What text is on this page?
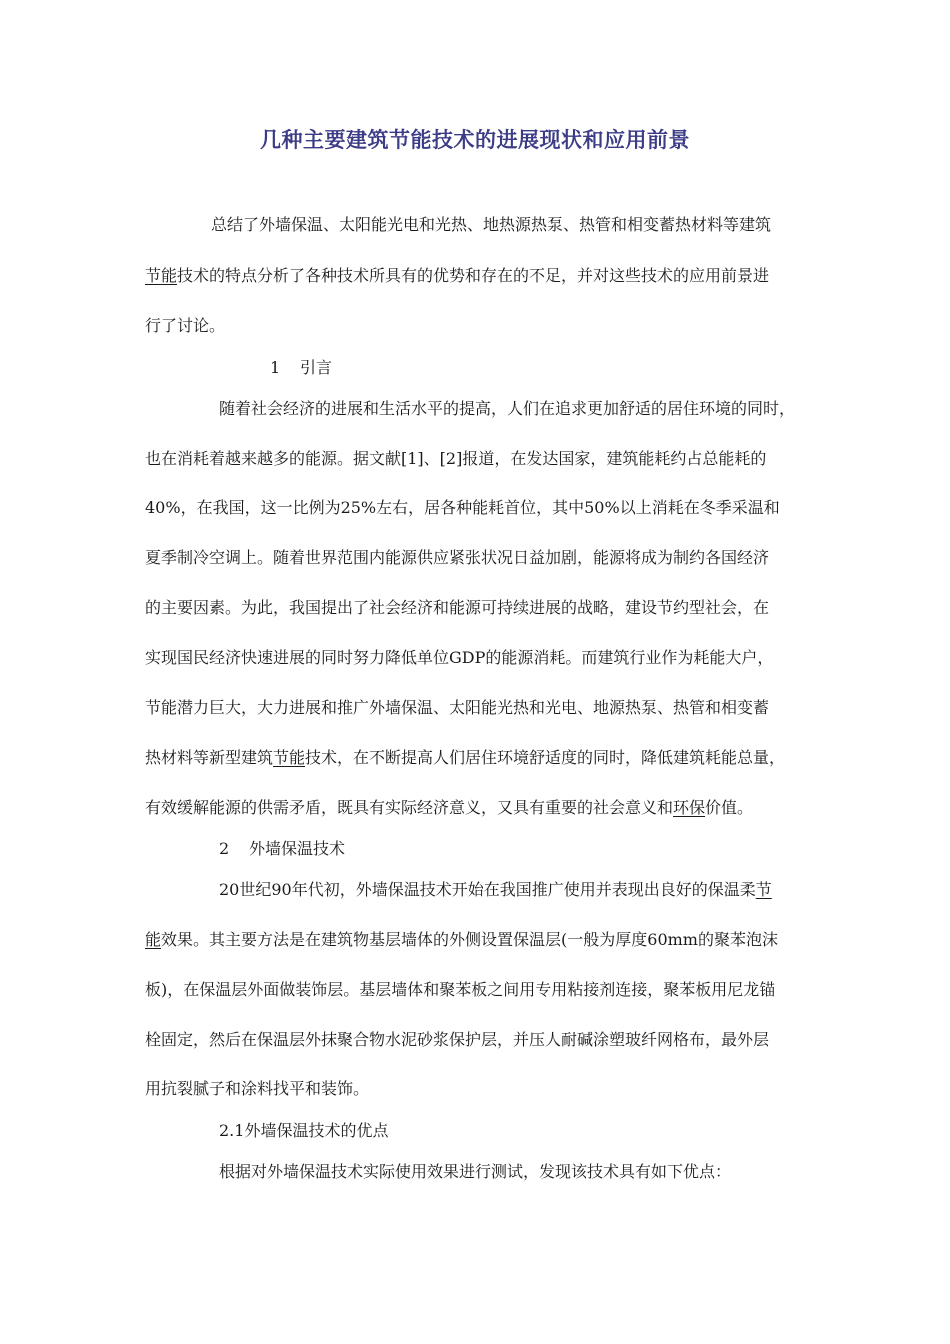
几种主要建筑节能技术的进展现状和应用前景
总结了外墙保温、太阳能光电和光热、地热源热泵、热管和相变蓄热材料等建筑
节能技术的特点分析了各种技术所具有的优势和存在的不足，并对这些技术的应用前景进
行了讨论。
1 引言
随着社会经济的进展和生活水平的提高，人们在追求更加舒适的居住环境的同时，
也在消耗着越来越多的能源。据文献[1]、[2]报道，在发达国家，建筑能耗约占总能耗的
40%，在我国，这一比例为25%左右，居各种能耗首位，其中50%以上消耗在冬季采温和
夏季制冷空调上。随着世界范围内能源供应紧张状况日益加剧，能源将成为制约各国经济
的主要因素。为此，我国提出了社会经济和能源可持续进展的战略，建设节约型社会，在
实现国民经济快速进展的同时努力降低单位GDP的能源消耗。而建筑行业作为耗能大户，
节能潜力巨大，大力进展和推广外墙保温、太阳能光热和光电、地源热泵、热管和相变蓄
热材料等新型建筑节能技术，在不断提高人们居住环境舒适度的同时，降低建筑耗能总量，
有效缓解能源的供需矛盾，既具有实际经济意义，又具有重要的社会意义和环保价值。
2 外墙保温技术
20世纪90年代初，外墙保温技术开始在我国推广使用并表现出良好的保温柔节
能效果。其主要方法是在建筑物基层墙体的外侧设置保温层(一般为厚度60mm的聚苯泡沫
板)，在保温层外面做装饰层。基层墙体和聚苯板之间用专用粘接剂连接，聚苯板用尼龙锚
栓固定，然后在保温层外抹聚合物水泥砂浆保护层，并压人耐碱涂塑玻纤网格布，最外层
用抗裂腻子和涂料找平和装饰。
2.1外墙保温技术的优点
根据对外墙保温技术实际使用效果进行测试，发现该技术具有如下优点：
